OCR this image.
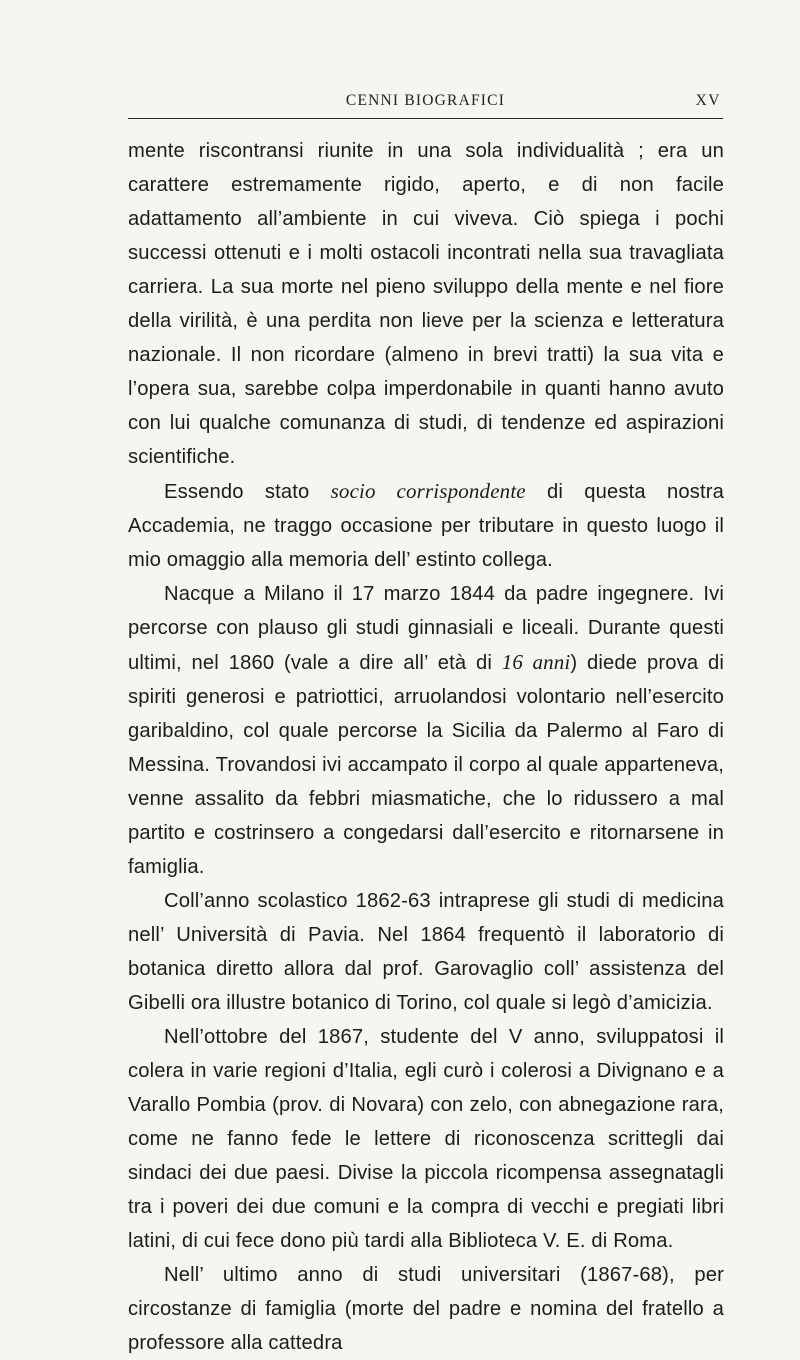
CENNI BIOGRAFICI	XV

mente riscontransi riunite in una sola individualità ; era un carattere estremamente rigido, aperto, e di non facile adattamento all’ambiente in cui viveva. Ciò spiega i pochi successi ottenuti e i molti ostacoli incontrati nella sua travagliata carriera. La sua morte nel pieno sviluppo della mente e nel fiore della virilità, è una perdita non lieve per la scienza e letteratura nazionale. Il non ricordare (almeno in brevi tratti) la sua vita e l’opera sua, sarebbe colpa imperdonabile in quanti hanno avuto con lui qualche comunanza di studi, di tendenze ed aspirazioni scientifiche.

Essendo stato socio corrispondente di questa nostra Accademia, ne traggo occasione per tributare in questo luogo il mio omaggio alla memoria dell’ estinto collega.

Nacque a Milano il 17 marzo 1844 da padre ingegnere. Ivi percorse con plauso gli studi ginnasiali e liceali. Durante questi ultimi, nel 1860 (vale a dire all’ età di 16 anni) diede prova di spiriti generosi e patriottici, arruolandosi volontario nell’esercito garibaldino, col quale percorse la Sicilia da Palermo al Faro di Messina. Trovandosi ivi accampato il corpo al quale apparteneva, venne assalito da febbri miasmatiche, che lo ridussero a mal partito e costrinsero a congedarsi dall’esercito e ritornarsene in famiglia.

Coll’anno scolastico 1862-63 intraprese gli studi di medicina nell’ Università di Pavia. Nel 1864 frequentò il laboratorio di botanica diretto allora dal prof. Garovaglio coll’ assistenza del Gibelli ora illustre botanico di Torino, col quale si legò d’amicizia.

Nell’ottobre del 1867, studente del V anno, sviluppatosi il colera in varie regioni d’Italia, egli curò i colerosi a Divignano e a Varallo Pombia (prov. di Novara) con zelo, con abnegazione rara, come ne fanno fede le lettere di riconoscenza scrittegli dai sindaci dei due paesi. Divise la piccola ricompensa assegnatagli tra i poveri dei due comuni e la compra di vecchi e pregiati libri latini, di cui fece dono più tardi alla Biblioteca V. E. di Roma.

Nell’ ultimo anno di studi universitari (1867-68), per circostanze di famiglia (morte del padre e nomina del fratello a professore alla cattedra
